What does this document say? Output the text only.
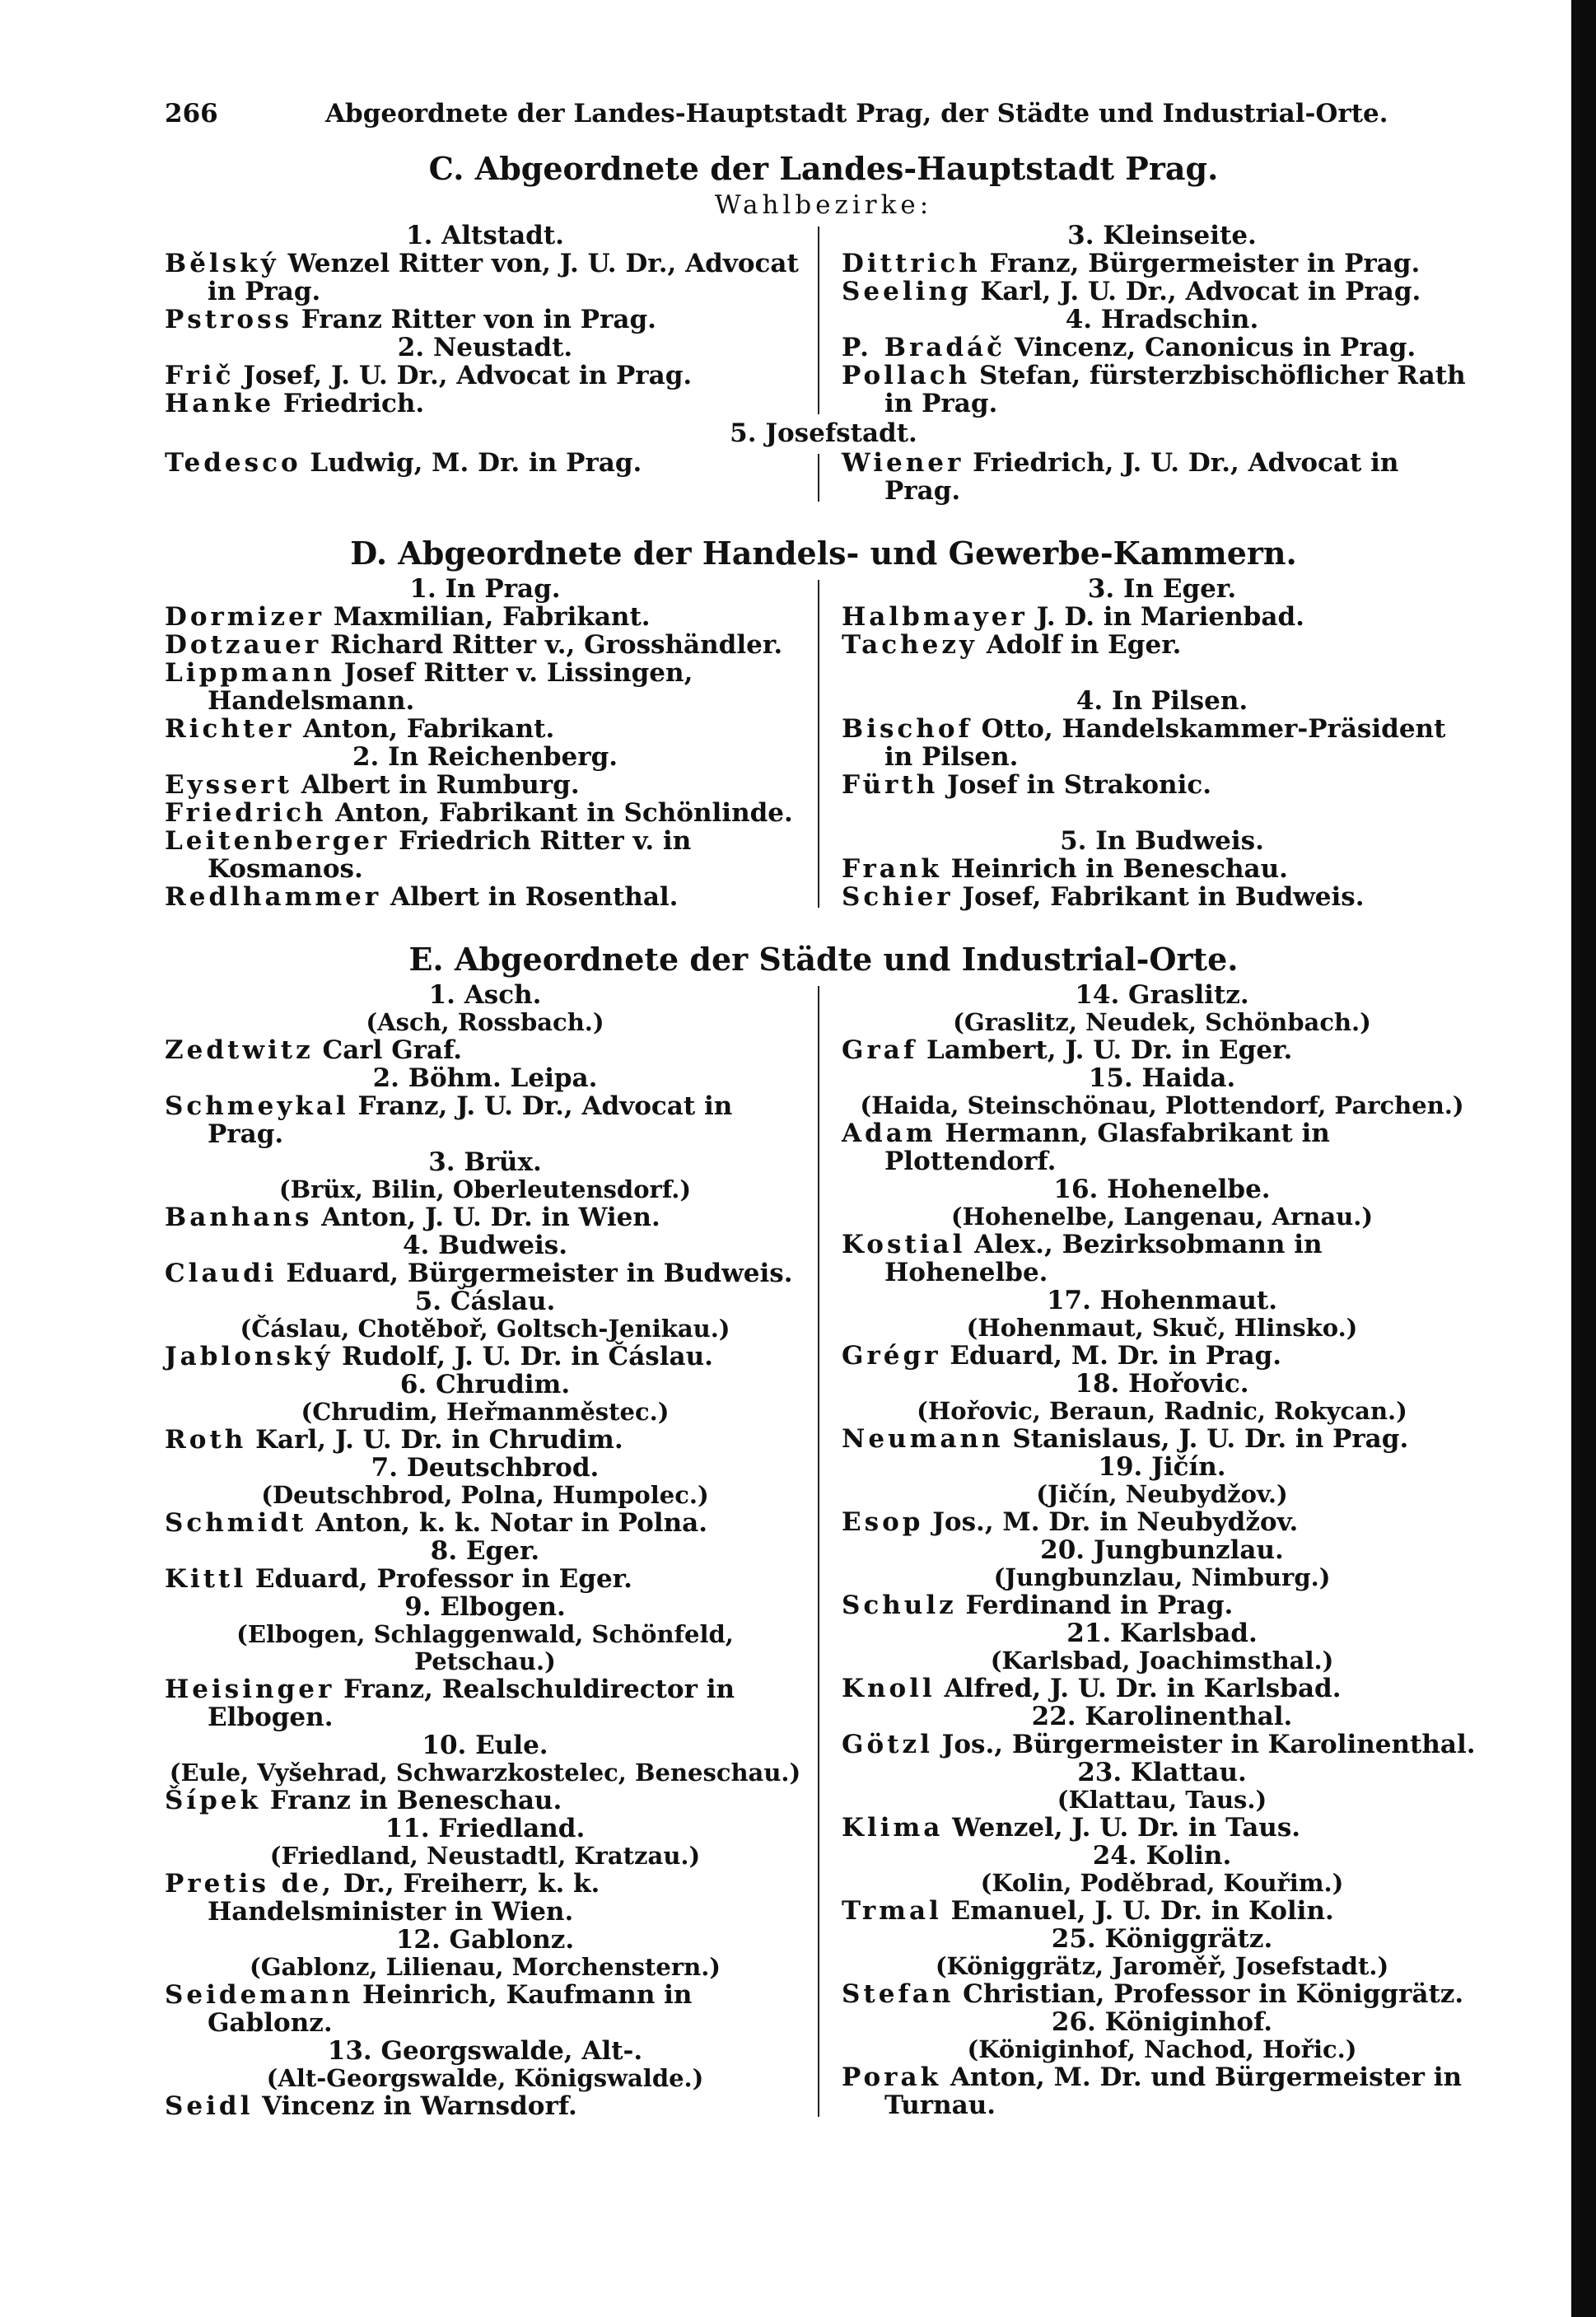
266	Abgeordnete der Landes-Hauptstadt Prag, der Städte und Industrial-Orte.
C. Abgeordnete der Landes-Hauptstadt Prag.
Wahlbezirke:
1. Altstadt.
Bělský Wenzel Ritter von, J. U. Dr., Advocat in Prag.
Pstross Franz Ritter von in Prag.
2. Neustadt.
Frič Josef, J. U. Dr., Advocat in Prag.
Hanke Friedrich.
3. Kleinseite.
Dittrich Franz, Bürgermeister in Prag.
Seeling Karl, J. U. Dr., Advocat in Prag.
4. Hradschin.
P. Bradáč Vincenz, Canonicus in Prag.
Pollach Stefan, fürsterzbischöflicher Rath in Prag.
5. Josefstadt.
Tedesco Ludwig, M. Dr. in Prag.	Wiener Friedrich, J. U. Dr., Advocat in Prag.
D. Abgeordnete der Handels- und Gewerbe-Kammern.
1. In Prag.
Dormizer Maxmilian, Fabrikant.
Dotzauer Richard Ritter v., Grosshändler.
Lippmann Josef Ritter v. Lissingen, Handelsmann.
Richter Anton, Fabrikant.
2. In Reichenberg.
Eyssert Albert in Rumburg.
Friedrich Anton, Fabrikant in Schönlinde.
Leitenberger Friedrich Ritter v. in Kosmanos.
Redlhammer Albert in Rosenthal.
3. In Eger.
Halbmayer J. D. in Marienbad.
Tachezy Adolf in Eger.
4. In Pilsen.
Bischof Otto, Handelskammer-Präsident in Pilsen.
Fürth Josef in Strakonic.
5. In Budweis.
Frank Heinrich in Beneschau.
Schier Josef, Fabrikant in Budweis.
E. Abgeordnete der Städte und Industrial-Orte.
1. Asch.
(Asch, Rossbach.)
Zedtwitz Carl Graf.
2. Böhm. Leipa.
Schmeykal Franz, J. U. Dr., Advocat in Prag.
3. Brüx.
(Brüx, Bilin, Oberleutensdorf.)
Banhans Anton, J. U. Dr. in Wien.
4. Budweis.
Claudi Eduard, Bürgermeister in Budweis.
5. Čáslau.
(Čáslau, Chotěboř, Goltsch-Jenikau.)
Jablonský Rudolf, J. U. Dr. in Čáslau.
6. Chrudim.
(Chrudim, Heřmanměstec.)
Roth Karl, J. U. Dr. in Chrudim.
7. Deutschbrod.
(Deutschbrod, Polna, Humpolec.)
Schmidt Anton, k. k. Notar in Polna.
8. Eger.
Kittl Eduard, Professor in Eger.
9. Elbogen.
(Elbogen, Schlaggenwald, Schönfeld, Petschau.)
Heisinger Franz, Realschuldirector in Elbogen.
10. Eule.
(Eule, Vyšehrad, Schwarzkostelec, Beneschau.)
Šípek Franz in Beneschau.
11. Friedland.
(Friedland, Neustadtl, Kratzau.)
Pretis de, Dr., Freiherr, k. k. Handelsminister in Wien.
12. Gablonz.
(Gablonz, Lilienau, Morchenstern.)
Seidemann Heinrich, Kaufmann in Gablonz.
13. Georgswalde, Alt-.
(Alt-Georgswalde, Königswalde.)
Seidl Vincenz in Warnsdorf.
14. Graslitz.
(Graslitz, Neudek, Schönbach.)
Graf Lambert, J. U. Dr. in Eger.
15. Haida.
(Haida, Steinschönau, Plottendorf, Parchen.)
Adam Hermann, Glasfabrikant in Plottendorf.
16. Hohenelbe.
(Hohenelbe, Langenau, Arnau.)
Kostial Alex., Bezirksobmann in Hohenelbe.
17. Hohenmaut.
(Hohenmaut, Skuč, Hlinsko.)
Grégr Eduard, M. Dr. in Prag.
18. Hořovic.
(Hořovic, Beraun, Radnic, Rokycan.)
Neumann Stanislaus, J. U. Dr. in Prag.
19. Jičín.
(Jičín, Neubydžov.)
Esop Jos., M. Dr. in Neubydžov.
20. Jungbunzlau.
(Jungbunzlau, Nimburg.)
Schulz Ferdinand in Prag.
21. Karlsbad.
(Karlsbad, Joachimsthal.)
Knoll Alfred, J. U. Dr. in Karlsbad.
22. Karolinenthal.
Götzl Jos., Bürgermeister in Karolinenthal.
23. Klattau.
(Klattau, Taus.)
Klima Wenzel, J. U. Dr. in Taus.
24. Kolin.
(Kolin, Poděbrad, Kouřim.)
Trmal Emanuel, J. U. Dr. in Kolin.
25. Königgrätz.
(Königgrätz, Jaroměř, Josefstadt.)
Stefan Christian, Professor in Königgrätz.
26. Königinhof.
(Königinhof, Nachod, Hořic.)
Porak Anton, M. Dr. und Bürgermeister in Turnau.
